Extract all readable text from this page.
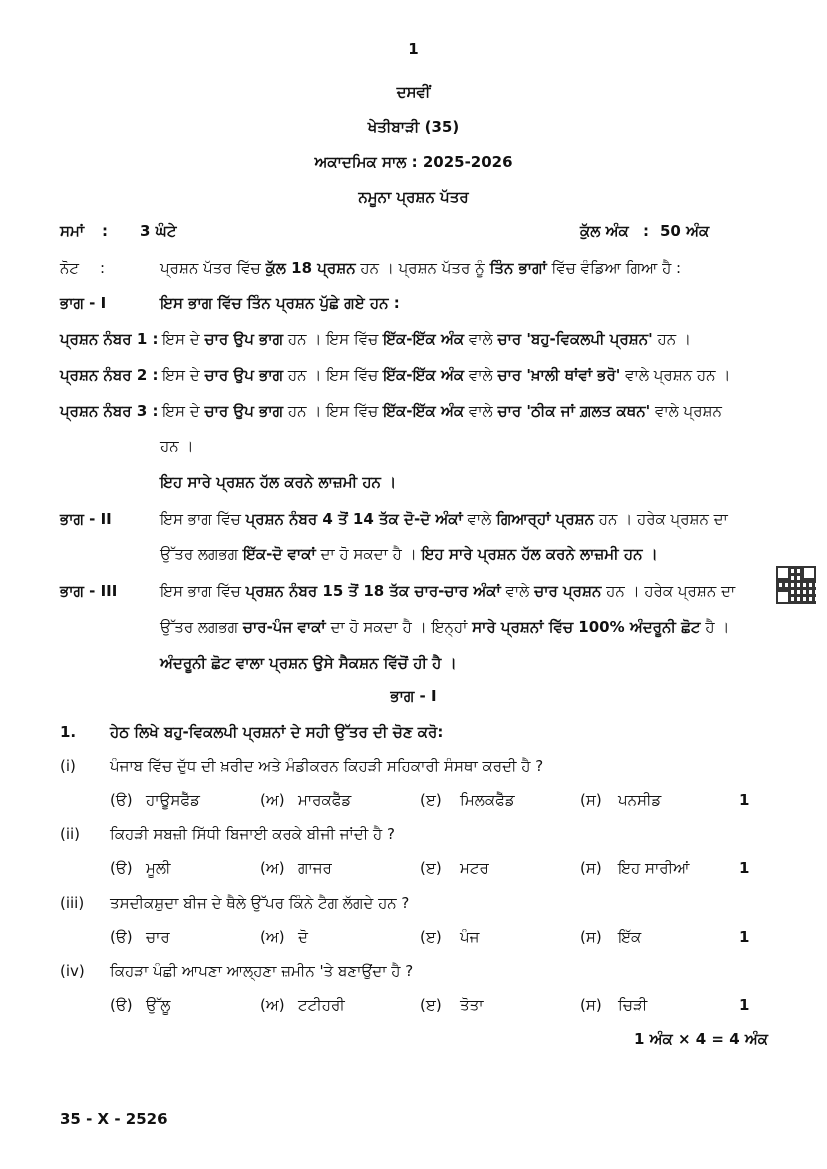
1
ਦਸਵੀਂ
ਖੇਤੀਬਾੜੀ (35)
ਅਕਾਦਮਿਕ ਸਾਲ : 2025-2026
ਨਮੂਨਾ ਪ੍ਰਸ਼ਨ ਪੱਤਰ
ਸਮਾਂ : 3 ਘੰਟੇ	ਕੁੱਲ ਅੰਕ : 50 ਅੰਕ
ਨੋਟ :	ਪ੍ਰਸ਼ਨ ਪੱਤਰ ਵਿੱਚ ਕੁੱਲ 18 ਪ੍ਰਸ਼ਨ ਹਨ । ਪ੍ਰਸ਼ਨ ਪੱਤਰ ਨੂੰ ਤਿੰਨ ਭਾਗਾਂ ਵਿੱਚ ਵੰਡਿਆ ਗਿਆ ਹੈ :
ਭਾਗ - I	ਇਸ ਭਾਗ ਵਿੱਚ ਤਿੰਨ ਪ੍ਰਸ਼ਨ ਪੁੱਛੇ ਗਏ ਹਨ :
ਪ੍ਰਸ਼ਨ ਨੰਬਰ 1 : ਇਸ ਦੇ ਚਾਰ ਉਪ ਭਾਗ ਹਨ । ਇਸ ਵਿੱਚ ਇੱਕ-ਇੱਕ ਅੰਕ ਵਾਲੇ ਚਾਰ 'ਬਹੁ-ਵਿਕਲਪੀ ਪ੍ਰਸ਼ਨ' ਹਨ ।
ਪ੍ਰਸ਼ਨ ਨੰਬਰ 2 : ਇਸ ਦੇ ਚਾਰ ਉਪ ਭਾਗ ਹਨ । ਇਸ ਵਿੱਚ ਇੱਕ-ਇੱਕ ਅੰਕ ਵਾਲੇ ਚਾਰ 'ਖ਼ਾਲੀ ਥਾਂਵਾਂ ਭਰੋ' ਵਾਲੇ ਪ੍ਰਸ਼ਨ ਹਨ ।
ਪ੍ਰਸ਼ਨ ਨੰਬਰ 3 : ਇਸ ਦੇ ਚਾਰ ਉਪ ਭਾਗ ਹਨ । ਇਸ ਵਿੱਚ ਇੱਕ-ਇੱਕ ਅੰਕ ਵਾਲੇ ਚਾਰ 'ਠੀਕ ਜਾਂ ਗ਼ਲਤ ਕਥਨ' ਵਾਲੇ ਪ੍ਰਸ਼ਨ
ਹਨ ।
ਇਹ ਸਾਰੇ ਪ੍ਰਸ਼ਨ ਹੱਲ ਕਰਨੇ ਲਾਜ਼ਮੀ ਹਨ ।
ਭਾਗ - II	ਇਸ ਭਾਗ ਵਿੱਚ ਪ੍ਰਸ਼ਨ ਨੰਬਰ 4 ਤੋਂ 14 ਤੱਕ ਦੋ-ਦੋ ਅੰਕਾਂ ਵਾਲੇ ਗਿਆਰ੍ਹਾਂ ਪ੍ਰਸ਼ਨ ਹਨ । ਹਰੇਕ ਪ੍ਰਸ਼ਨ ਦਾ
ਉੱਤਰ ਲਗਭਗ ਇੱਕ-ਦੋ ਵਾਕਾਂ ਦਾ ਹੋ ਸਕਦਾ ਹੈ । ਇਹ ਸਾਰੇ ਪ੍ਰਸ਼ਨ ਹੱਲ ਕਰਨੇ ਲਾਜ਼ਮੀ ਹਨ ।
ਭਾਗ - III	ਇਸ ਭਾਗ ਵਿੱਚ ਪ੍ਰਸ਼ਨ ਨੰਬਰ 15 ਤੋਂ 18 ਤੱਕ ਚਾਰ-ਚਾਰ ਅੰਕਾਂ ਵਾਲੇ ਚਾਰ ਪ੍ਰਸ਼ਨ ਹਨ । ਹਰੇਕ ਪ੍ਰਸ਼ਨ ਦਾ
ਉੱਤਰ ਲਗਭਗ ਚਾਰ-ਪੰਜ ਵਾਕਾਂ ਦਾ ਹੋ ਸਕਦਾ ਹੈ । ਇਨ੍ਹਾਂ ਸਾਰੇ ਪ੍ਰਸ਼ਨਾਂ ਵਿੱਚ 100% ਅੰਦਰੂਨੀ ਛੋਟ ਹੈ ।
ਅੰਦਰੂਨੀ ਛੋਟ ਵਾਲਾ ਪ੍ਰਸ਼ਨ ਉਸੇ ਸੈਕਸ਼ਨ ਵਿੱਚੋਂ ਹੀ ਹੈ ।
ਭਾਗ - I
1. ਹੇਠ ਲਿਖੇ ਬਹੁ-ਵਿਕਲਪੀ ਪ੍ਰਸ਼ਨਾਂ ਦੇ ਸਹੀ ਉੱਤਰ ਦੀ ਚੋਣ ਕਰੋ:
(i) ਪੰਜਾਬ ਵਿੱਚ ਦੁੱਧ ਦੀ ਖ਼ਰੀਦ ਅਤੇ ਮੰਡੀਕਰਨ ਕਿਹੜੀ ਸਹਿਕਾਰੀ ਸੰਸਥਾ ਕਰਦੀ ਹੈ ?
(ੳ) ਹਾਊਸਫੈੱਡ	(ਅ) ਮਾਰਕਫੈੱਡ	(ੲ) ਮਿਲਕਫੈੱਡ	(ਸ) ਪਨਸੀਡ	1
(ii) ਕਿਹੜੀ ਸਬਜ਼ੀ ਸਿੱਧੀ ਬਿਜਾਈ ਕਰਕੇ ਬੀਜੀ ਜਾਂਦੀ ਹੈ ?
(ੳ) ਮੂਲੀ	(ਅ) ਗਾਜਰ	(ੲ) ਮਟਰ	(ਸ) ਇਹ ਸਾਰੀਆਂ	1
(iii) ਤਸਦੀਕਸ਼ੁਦਾ ਬੀਜ ਦੇ ਥੈਲੇ ਉੱਪਰ ਕਿੰਨੇ ਟੈਗ ਲੱਗਦੇ ਹਨ ?
(ੳ) ਚਾਰ	(ਅ) ਦੋ	(ੲ) ਪੰਜ	(ਸ) ਇੱਕ	1
(iv) ਕਿਹੜਾ ਪੰਛੀ ਆਪਣਾ ਆਲ੍ਹਣਾ ਜ਼ਮੀਨ 'ਤੇ ਬਣਾਉਂਦਾ ਹੈ ?
(ੳ) ਉੱਲੂ	(ਅ) ਟਟੀਹਰੀ	(ੲ) ਤੋਤਾ	(ਸ) ਚਿੜੀ	1
1 ਅੰਕ × 4 = 4 ਅੰਕ
35 - X - 2526
